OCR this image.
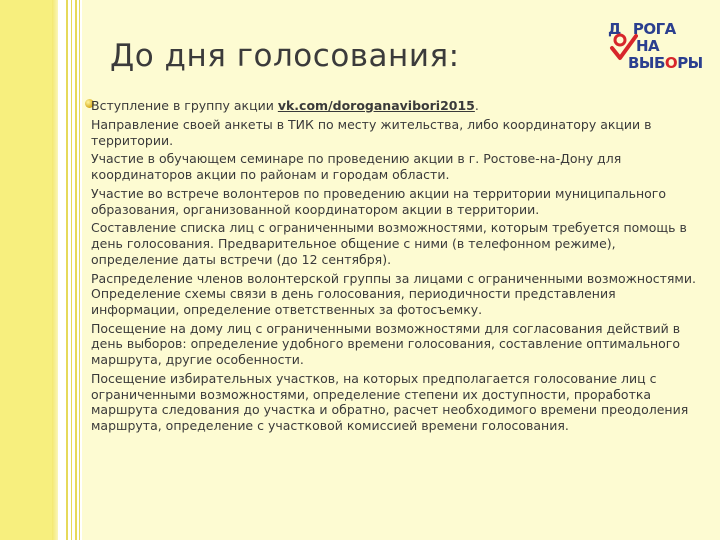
До дня голосования:
Д РОГА
НА
ВЫБОРЫ

Вступление в группу акции vk.com/doroganavibori2015.

Направление своей анкеты в ТИК по месту жительства, либо координатору акции в территории.

Участие в обучающем семинаре по проведению акции в г. Ростове-на-Дону для координаторов акции по районам и городам области.

Участие во встрече волонтеров по проведению акции на территории муниципального образования, организованной координатором акции в территории.

Составление списка лиц с ограниченными возможностями, которым требуется помощь в день голосования. Предварительное общение с ними (в телефонном режиме), определение даты встречи (до 12 сентября).

Распределение членов волонтерской группы за лицами с ограниченными возможностями. Определение схемы связи в день голосования, периодичности представления информации, определение ответственных за фотосъемку.

Посещение на дому лиц с ограниченными возможностями для согласования действий в день выборов: определение удобного времени голосования, составление оптимального маршрута, другие особенности.

Посещение избирательных участков, на которых предполагается голосование лиц с ограниченными возможностями, определение степени их доступности, проработка маршрута следования до участка и обратно, расчет необходимого времени преодоления маршрута, определение с участковой комиссией времени голосования.
